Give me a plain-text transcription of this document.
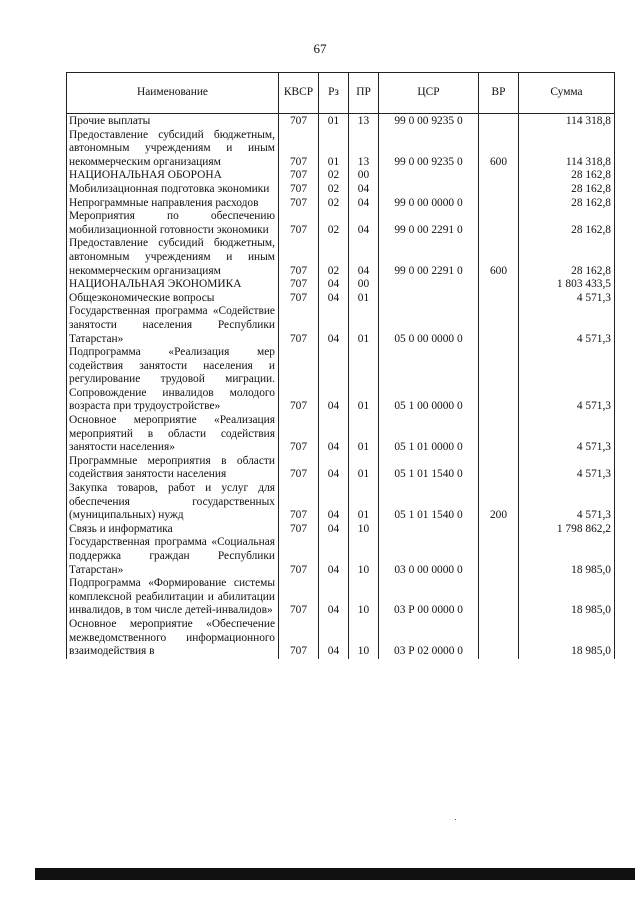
67
Наименование	КВСР	Рз	ПР	ЦСР	ВР	Сумма
Прочие выплаты	707	01	13	99 0 00 9235 0		114 318,8
Предоставление субсидий бюджетным, автономным учреждениям и иным некоммерческим организациям	707	01	13	99 0 00 9235 0	600	114 318,8
НАЦИОНАЛЬНАЯ ОБОРОНА	707	02	00			28 162,8
Мобилизационная подготовка экономики	707	02	04			28 162,8
Непрограммные направления расходов	707	02	04	99 0 00 0000 0		28 162,8
Мероприятия по обеспечению мобилизационной готовности экономики	707	02	04	99 0 00 2291 0		28 162,8
Предоставление субсидий бюджетным, автономным учреждениям и иным некоммерческим организациям	707	02	04	99 0 00 2291 0	600	28 162,8
НАЦИОНАЛЬНАЯ ЭКОНОМИКА	707	04	00			1 803 433,5
Общеэкономические вопросы	707	04	01			4 571,3
Государственная программа «Содействие занятости населения Республики Татарстан»	707	04	01	05 0 00 0000 0		4 571,3
Подпрограмма «Реализация мер содействия занятости населения и регулирование трудовой миграции. Сопровождение инвалидов молодого возраста при трудоустройстве»	707	04	01	05 1 00 0000 0		4 571,3
Основное мероприятие «Реализация мероприятий в области содействия занятости населения»	707	04	01	05 1 01 0000 0		4 571,3
Программные мероприятия в области содействия занятости населения	707	04	01	05 1 01 1540 0		4 571,3
Закупка товаров, работ и услуг для обеспечения государственных (муниципальных) нужд	707	04	01	05 1 01 1540 0	200	4 571,3
Связь и информатика	707	04	10			1 798 862,2
Государственная программа «Социальная поддержка граждан Республики Татарстан»	707	04	10	03 0 00 0000 0		18 985,0
Подпрограмма «Формирование системы комплексной реабилитации и абилитации инвалидов, в том числе детей-инвалидов»	707	04	10	03 Р 00 0000 0		18 985,0
Основное мероприятие «Обеспечение межведомственного информационного взаимодействия в	707	04	10	03 Р 02 0000 0		18 985,0
